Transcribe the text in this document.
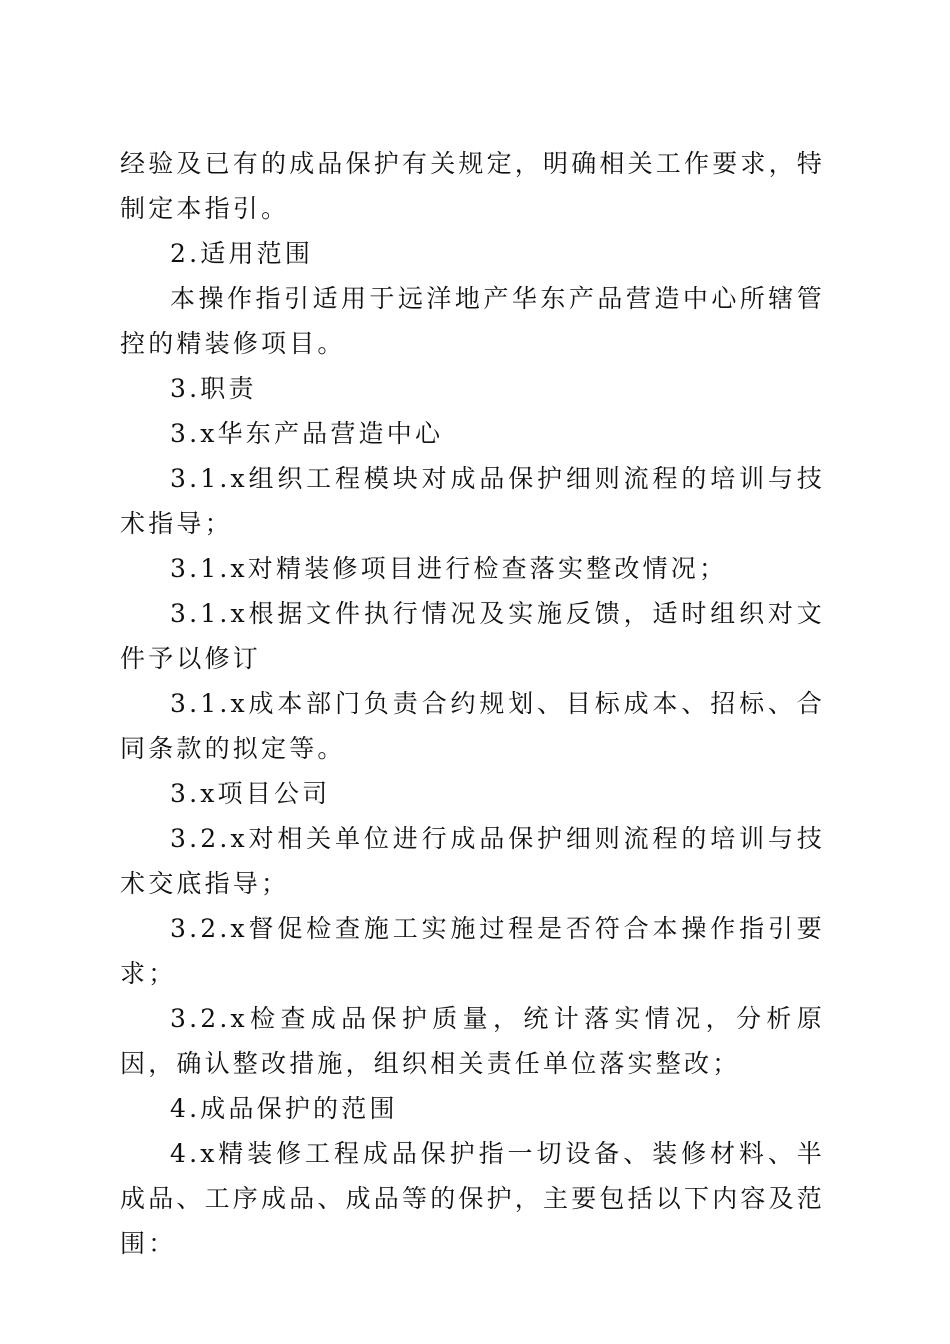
经验及已有的成品保护有关规定，明确相关工作要求，特制定本指引。

2.适用范围

本操作指引适用于远洋地产华东产品营造中心所辖管控的精装修项目。

3.职责

3.x华东产品营造中心

3.1.x组织工程模块对成品保护细则流程的培训与技术指导；

3.1.x对精装修项目进行检查落实整改情况；

3.1.x根据文件执行情况及实施反馈，适时组织对文件予以修订

3.1.x成本部门负责合约规划、目标成本、招标、合同条款的拟定等。

3.x项目公司

3.2.x对相关单位进行成品保护细则流程的培训与技术交底指导；

3.2.x督促检查施工实施过程是否符合本操作指引要求；

3.2.x检查成品保护质量，统计落实情况，分析原因，确认整改措施，组织相关责任单位落实整改；

4.成品保护的范围

4.x精装修工程成品保护指一切设备、装修材料、半成品、工序成品、成品等的保护，主要包括以下内容及范围：
